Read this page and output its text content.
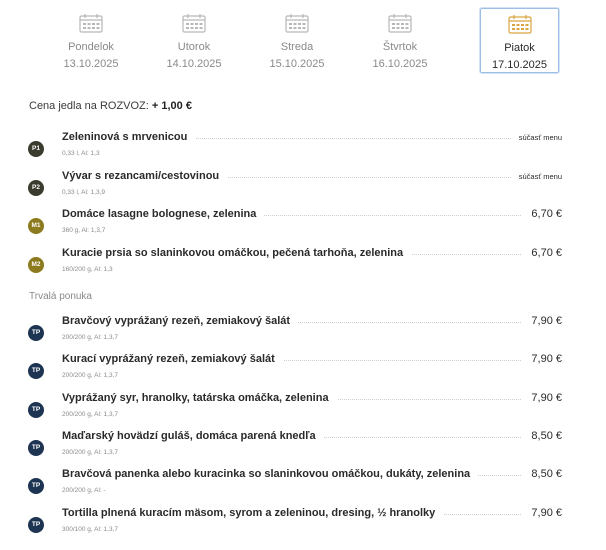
Pondelok
13.10.2025
Utorok
14.10.2025
Streda
15.10.2025
Štvrtok
16.10.2025
Piatok
17.10.2025
Cena jedla na ROZVOZ: + 1,00 €
P1
Zeleninová s mrvenicou	súčasť menu
0,33 l, Al: 1,3
P2
Vývar s rezancami/cestovinou	súčasť menu
0,33 l, Al: 1,3,9
M1
Domáce lasagne bolognese, zelenina	6,70 €
360 g, Al: 1,3,7
M2
Kuracie prsia so slaninkovou omáčkou, pečená tarhoňa, zelenina	6,70 €
160/200 g, Al: 1,3
Trvalá ponuka
TP
Bravčový vyprážaný rezeň, zemiakový šalát	7,90 €
200/200 g, Al: 1,3,7
TP
Kurací vyprážaný rezeň, zemiakový šalát	7,90 €
200/200 g, Al: 1,3,7
TP
Vyprážaný syr, hranolky, tatárska omáčka, zelenina	7,90 €
200/200 g, Al: 1,3,7
TP
Maďarský hovädzí guláš, domáca parená knedľa	8,50 €
200/200 g, Al: 1,3,7
TP
Bravčová panenka alebo kuracinka so slaninkovou omáčkou, dukáty, zelenina	8,50 €
200/200 g, Al: -
TP
Tortilla plnená kuracím mäsom, syrom a zeleninou, dresing, ½ hranolky	7,90 €
300/100 g, Al: 1,3,7
